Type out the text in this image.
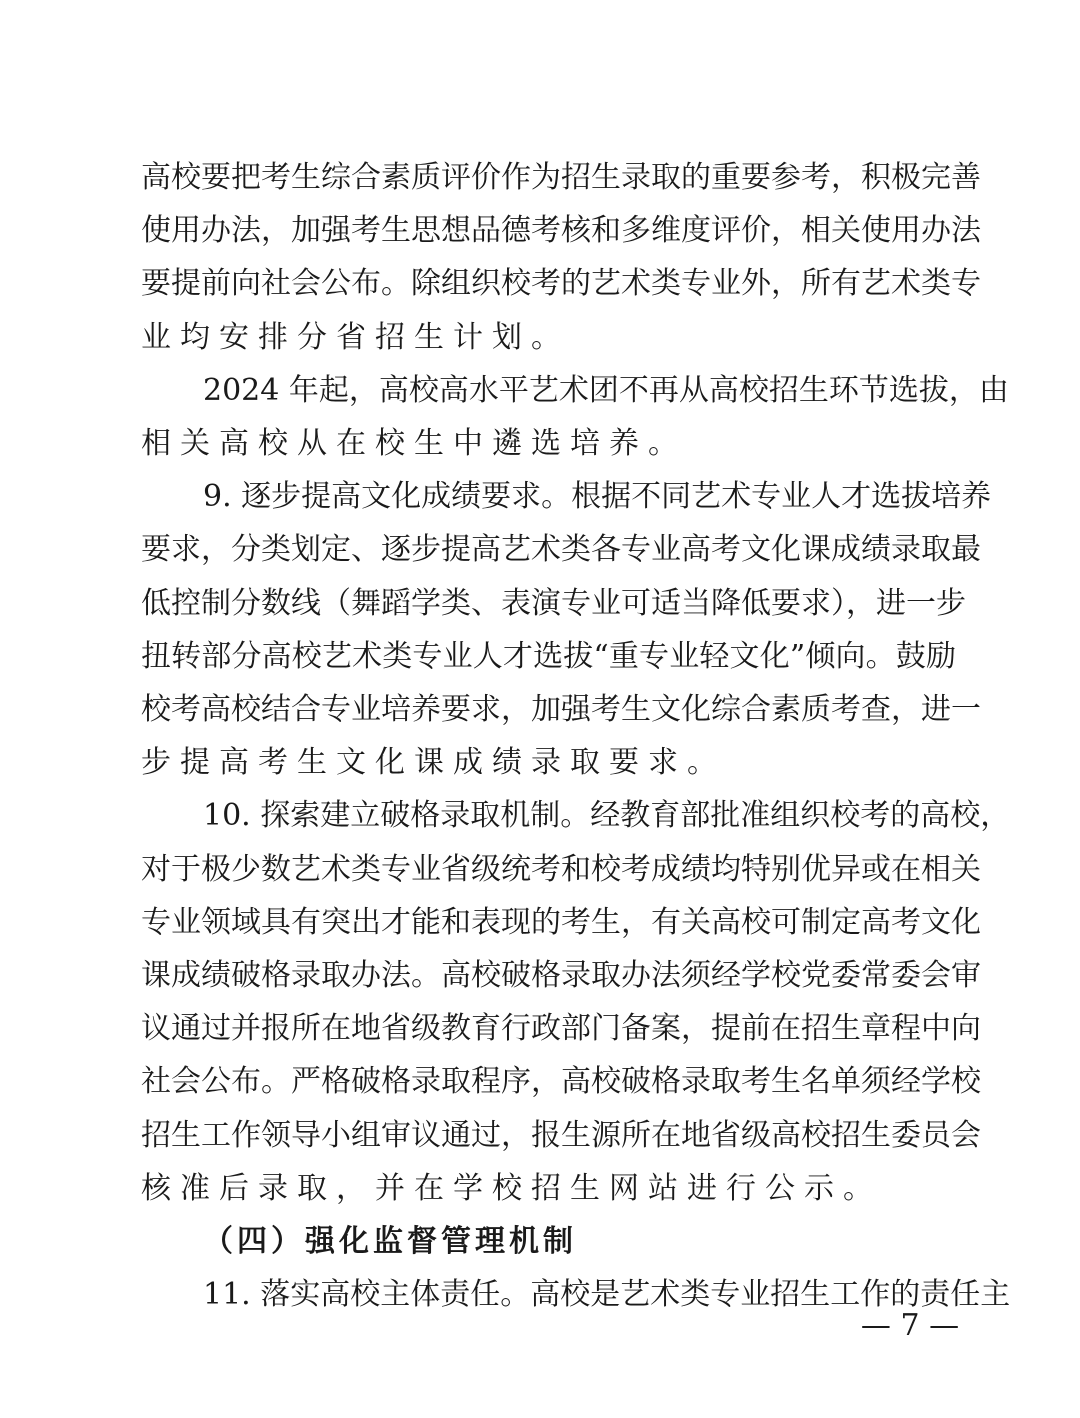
高校要把考生综合素质评价作为招生录取的重要参考，积极完善
使用办法，加强考生思想品德考核和多维度评价，相关使用办法
要提前向社会公布。除组织校考的艺术类专业外，所有艺术类专
业均安排分省招生计划。
2024 年起，高校高水平艺术团不再从高校招生环节选拔，由
相关高校从在校生中遴选培养。
9. 逐步提高文化成绩要求。根据不同艺术专业人才选拔培养
要求，分类划定、逐步提高艺术类各专业高考文化课成绩录取最
低控制分数线（舞蹈学类、表演专业可适当降低要求），进一步
扭转部分高校艺术类专业人才选拔“重专业轻文化”倾向。鼓励
校考高校结合专业培养要求，加强考生文化综合素质考查，进一
步提高考生文化课成绩录取要求。
10. 探索建立破格录取机制。经教育部批准组织校考的高校，
对于极少数艺术类专业省级统考和校考成绩均特别优异或在相关
专业领域具有突出才能和表现的考生，有关高校可制定高考文化
课成绩破格录取办法。高校破格录取办法须经学校党委常委会审
议通过并报所在地省级教育行政部门备案，提前在招生章程中向
社会公布。严格破格录取程序，高校破格录取考生名单须经学校
招生工作领导小组审议通过，报生源所在地省级高校招生委员会
核准后录取，并在学校招生网站进行公示。
（四）强化监督管理机制
11. 落实高校主体责任。高校是艺术类专业招生工作的责任主
— 7 —
